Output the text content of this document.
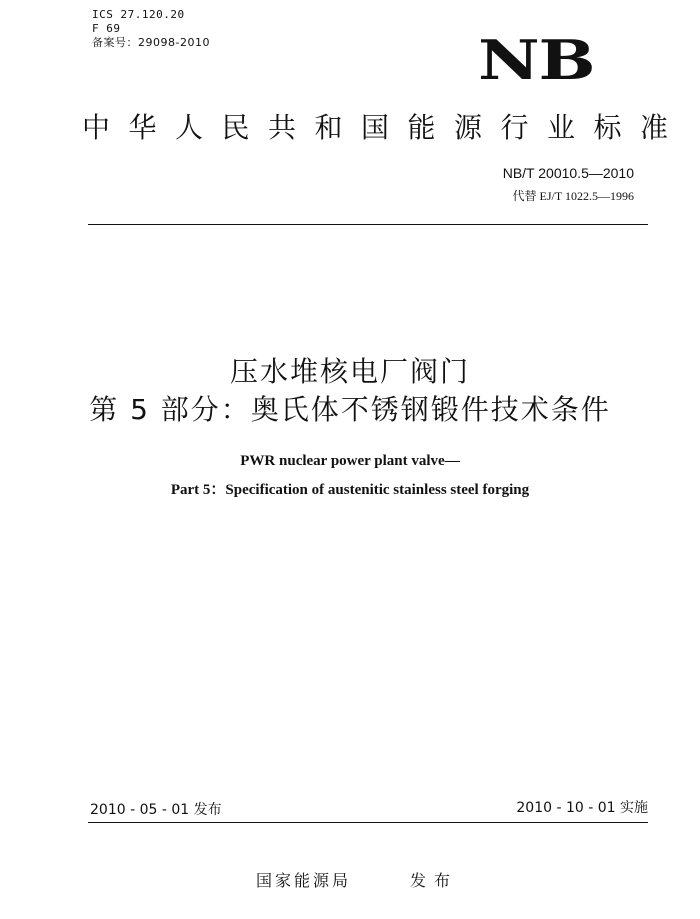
ICS 27.120.20
F 69
备案号：29098-2010	NB
中华人民共和国能源行业标准
NB/T 20010.5—2010
代替 EJ/T 1022.5—1996
压水堆核电厂阀门
第 5 部分：奥氏体不锈钢锻件技术条件
PWR nuclear power plant valve—
Part 5：Specification of austenitic stainless steel forging
2010 - 05 - 01 发布	2010 - 10 - 01 实施
国家能源局	发布
